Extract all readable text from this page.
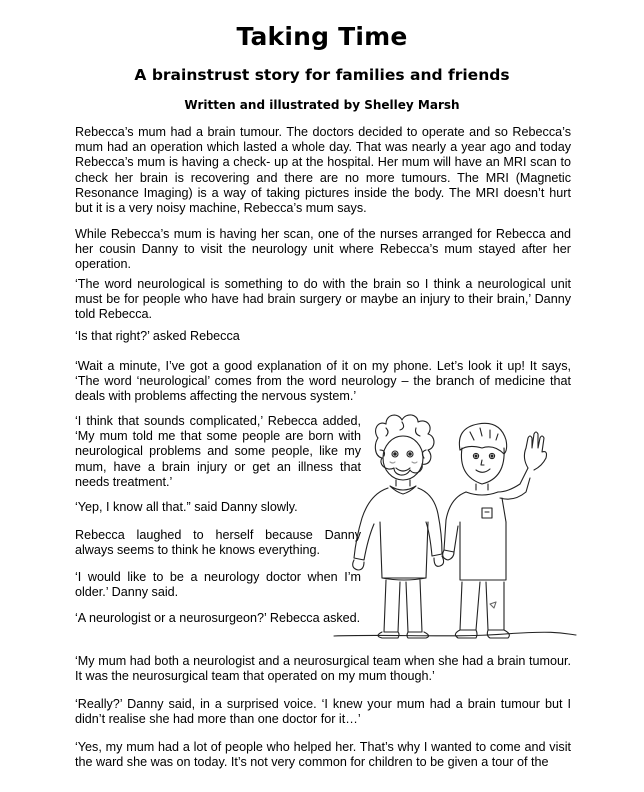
Taking Time
A brainstrust story for families and friends

Written and illustrated by Shelley Marsh

Rebecca’s mum had a brain tumour. The doctors decided to operate and so Rebecca’s mum had an operation which lasted a whole day. That was nearly a year ago and today Rebecca’s mum is having a check- up at the hospital. Her mum will have an MRI scan to check her brain is recovering and there are no more tumours. The MRI (Magnetic Resonance Imaging) is a way of taking pictures inside the body. The MRI doesn’t hurt but it is a very noisy machine, Rebecca’s mum says.

While Rebecca’s mum is having her scan, one of the nurses arranged for Rebecca and her cousin Danny to visit the neurology unit where Rebecca’s mum stayed after her operation.

‘The word neurological is something to do with the brain so I think a neurological unit must be for people who have had brain surgery or maybe an injury to their brain,’ Danny told Rebecca.

‘Is that right?’ asked Rebecca

‘Wait a minute, I’ve got a good explanation of it on my phone. Let’s look it up! It says, ‘The word ‘neurological’ comes from the word neurology – the branch of medicine that deals with problems affecting the nervous system.’

‘I think that sounds complicated,’ Rebecca added, ‘My mum told me that some people are born with neurological problems and some people, like my mum, have a brain injury or get an illness that needs treatment.’

‘Yep, I know all that.” said Danny slowly.

Rebecca laughed to herself because Danny always seems to think he knows everything.

‘I would like to be a neurology doctor when I’m older.’ Danny said.

‘A neurologist or a neurosurgeon?’ Rebecca asked.

‘My mum had both a neurologist and a neurosurgical team when she had a brain tumour. It was the neurosurgical team that operated on my mum though.’

‘Really?’ Danny said, in a surprised voice. ‘I knew your mum had a brain tumour but I didn’t realise she had more than one doctor for it…’

‘Yes, my mum had a lot of people who helped her. That’s why I wanted to come and visit the ward she was on today. It’s not very common for children to be given a tour of the
